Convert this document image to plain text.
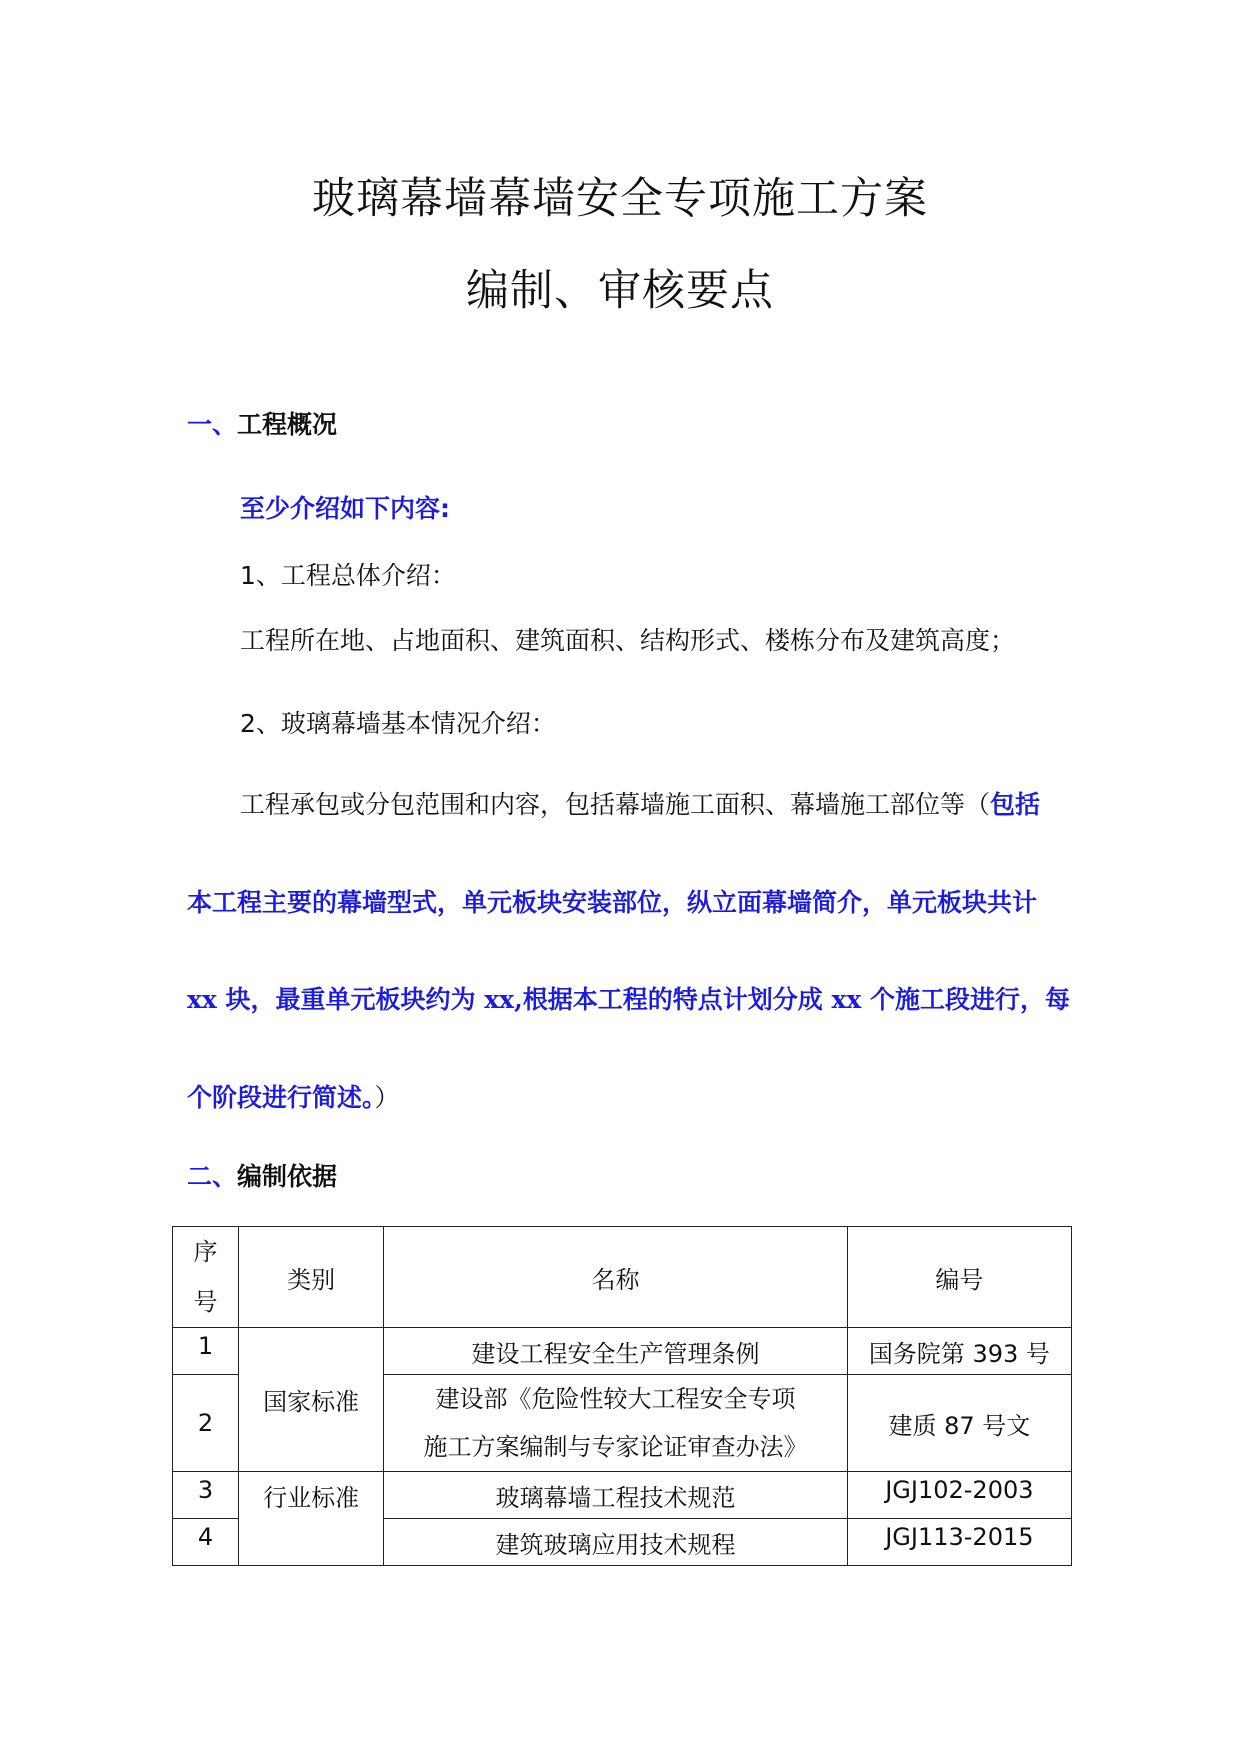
玻璃幕墙幕墙安全专项施工方案
编制、审核要点
一、工程概况
至少介绍如下内容:
1、工程总体介绍：
工程所在地、占地面积、建筑面积、结构形式、楼栋分布及建筑高度；
2、玻璃幕墙基本情况介绍：
工程承包或分包范围和内容，包括幕墙施工面积、幕墙施工部位等（包括
本工程主要的幕墙型式，单元板块安装部位，纵立面幕墙简介，单元板块共计
xx 块，最重单元板块约为 xx,根据本工程的特点计划分成 xx 个施工段进行，每
个阶段进行简述。）
二、编制依据
序
号	类别	名称	编号
1	国家标准	建设工程安全生产管理条例	国务院第 393 号
2		建设部《危险性较大工程安全专项
施工方案编制与专家论证审查办法》	建质 87 号文
3	行业标准	玻璃幕墙工程技术规范	JGJ102-2003
4		建筑玻璃应用技术规程	JGJ113-2015
